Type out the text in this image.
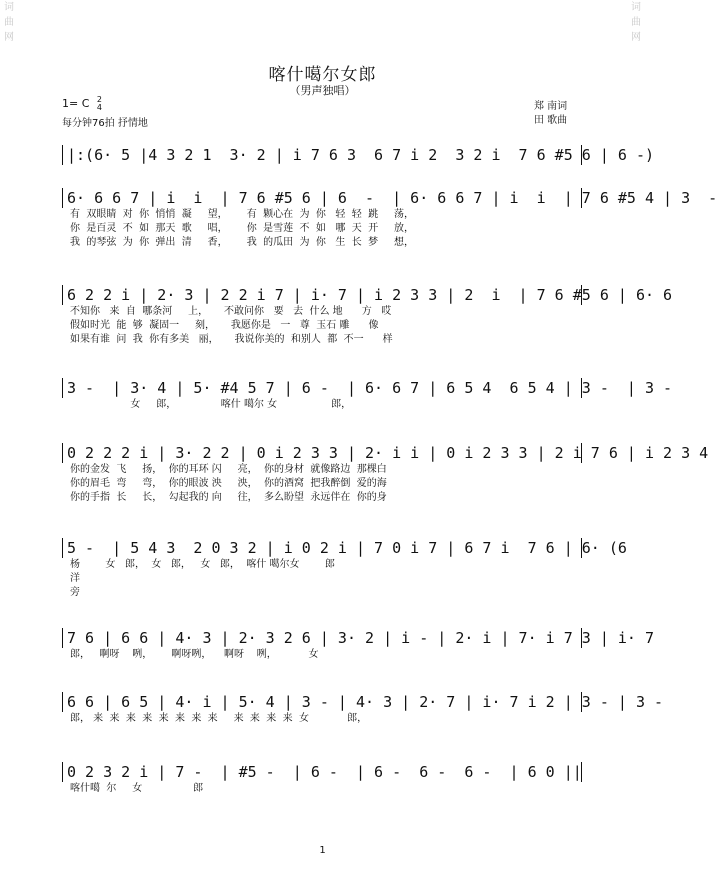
词曲网
词曲网
喀什噶尔女郎
（男声独唱）
1= C 2
4
每分钟76拍 抒情地
郑 南词
田 歌曲
|:(6· 5 |4 3 2 1  3· 2 | i 7 6 3  6 7 i 2  3 2 i  7 6 #5 6 | 6 -)
6· 6 6 7 | i  i  | 7 6 #5 6 | 6  -  | 6· 6 6 7 | i  i  | 7 6 #5 4 | 3  -
有  双眼睛  对  你  悄悄  凝     望，      有  颗心在  为  你   轻  轻  跳     荡，
你  是百灵  不  如  那天  歌     唱，      你  是雪莲  不  如   哪  天  开     放，
我  的琴弦  为  你  弹出  清     香，      我  的瓜田  为  你   生  长  梦     想，
6 2 2 i | 2· 3 | 2 2 i 7 | i· 7 | i 2 3 3 | 2  i  | 7 6 #5 6 | 6· 6
不知你   来  自  哪条河     上，     不敢问你   要   去  什么 地      方   哎
假如时光  能  够  凝固一     刻，     我愿你是   一   尊  玉石 雕      像
如果有谁  问  我  你有多美   丽，     我说你美的  和别人  都  不一      样
3 -  | 3· 4 | 5· #4 5 7 | 6 -  | 6· 6 7 | 6 5 4  6 5 4 | 3 -  | 3 -
女     郎，              喀什 噶尔 女                 郎，
0 2 2 2 i | 3· 2 2 | 0 i 2 3 3 | 2· i i | 0 i 2 3 3 | 2 i 7 6 | i 2 3 4
你的金发  飞     扬，  你的耳环 闪     亮，  你的身材  就像路边  那棵白
你的眉毛  弯     弯，  你的眼波 泱     泱，  你的酒窝  把我醉倒  爱的海
你的手指  长     长，  勾起我的 向     往，  多么盼望  永远伴在  你的身
5 -  | 5 4 3  2 0 3 2 | i 0 2 i | 7 0 i 7 | 6 7 i  7 6 | 6· (6
杨        女   郎，  女   郎，   女   郎，  喀什 噶尔女        郎
洋
旁
7 6 | 6 6 | 4· 3 | 2· 3 2 6 | 3· 2 | i - | 2· i | 7· i 7 3 | i· 7
郎，   啊呀    咧，      啊呀咧，    啊呀    咧，          女
6 6 | 6 5 | 4· i | 5· 4 | 3 - | 4· 3 | 2· 7 | i· 7 i 2 | 3 - | 3 -
郎， 来  来  来  来  来  来  来  来     来  来  来  来  女            郎，
0 2 3 2 i | 7 -  | #5 -  | 6 -  | 6 -  6 -  6 -  | 6 0 ||
喀什噶  尔     女                郎
1
